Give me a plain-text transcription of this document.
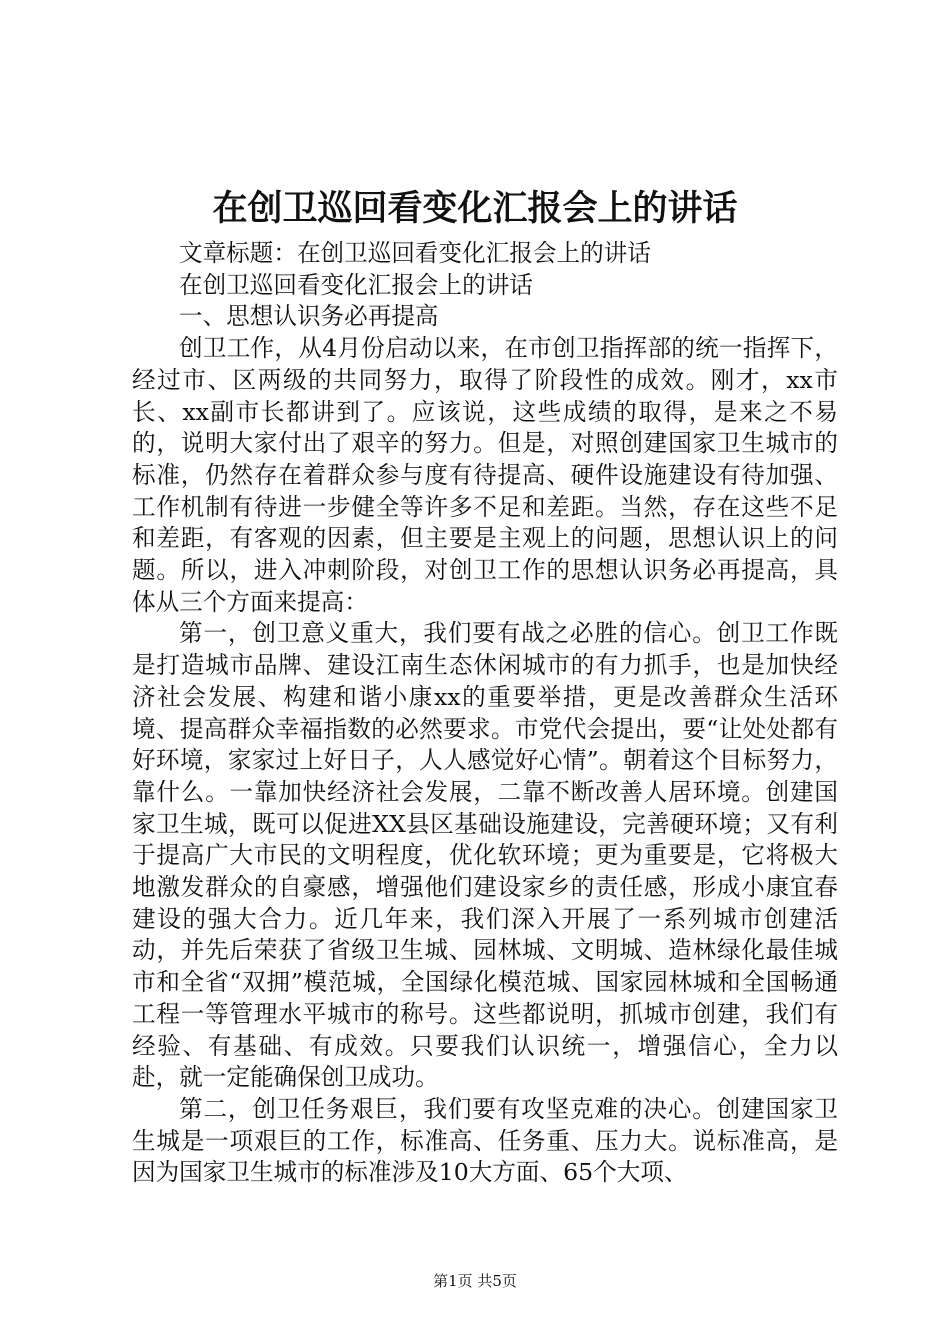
在创卫巡回看变化汇报会上的讲话

文章标题：在创卫巡回看变化汇报会上的讲话

在创卫巡回看变化汇报会上的讲话

一、思想认识务必再提高

创卫工作，从4月份启动以来，在市创卫指挥部的统一指挥下，经过市、区两级的共同努力，取得了阶段性的成效。刚才，xx市长、xx副市长都讲到了。应该说，这些成绩的取得，是来之不易的，说明大家付出了艰辛的努力。但是，对照创建国家卫生城市的标准，仍然存在着群众参与度有待提高、硬件设施建设有待加强、工作机制有待进一步健全等许多不足和差距。当然，存在这些不足和差距，有客观的因素，但主要是主观上的问题，思想认识上的问题。所以，进入冲刺阶段，对创卫工作的思想认识务必再提高，具体从三个方面来提高：

第一，创卫意义重大，我们要有战之必胜的信心。创卫工作既是打造城市品牌、建设江南生态休闲城市的有力抓手，也是加快经济社会发展、构建和谐小康xx的重要举措，更是改善群众生活环境、提高群众幸福指数的必然要求。市党代会提出，要“让处处都有好环境，家家过上好日子，人人感觉好心情”。朝着这个目标努力，靠什么。一靠加快经济社会发展，二靠不断改善人居环境。创建国家卫生城，既可以促进XX县区基础设施建设，完善硬环境；又有利于提高广大市民的文明程度，优化软环境；更为重要是，它将极大地激发群众的自豪感，增强他们建设家乡的责任感，形成小康宜春建设的强大合力。近几年来，我们深入开展了一系列城市创建活动，并先后荣获了省级卫生城、园林城、文明城、造林绿化最佳城市和全省“双拥”模范城，全国绿化模范城、国家园林城和全国畅通工程一等管理水平城市的称号。这些都说明，抓城市创建，我们有经验、有基础、有成效。只要我们认识统一，增强信心，全力以赴，就一定能确保创卫成功。

第二，创卫任务艰巨，我们要有攻坚克难的决心。创建国家卫生城是一项艰巨的工作，标准高、任务重、压力大。说标准高，是因为国家卫生城市的标准涉及10大方面、65个大项、

第1页 共5页
